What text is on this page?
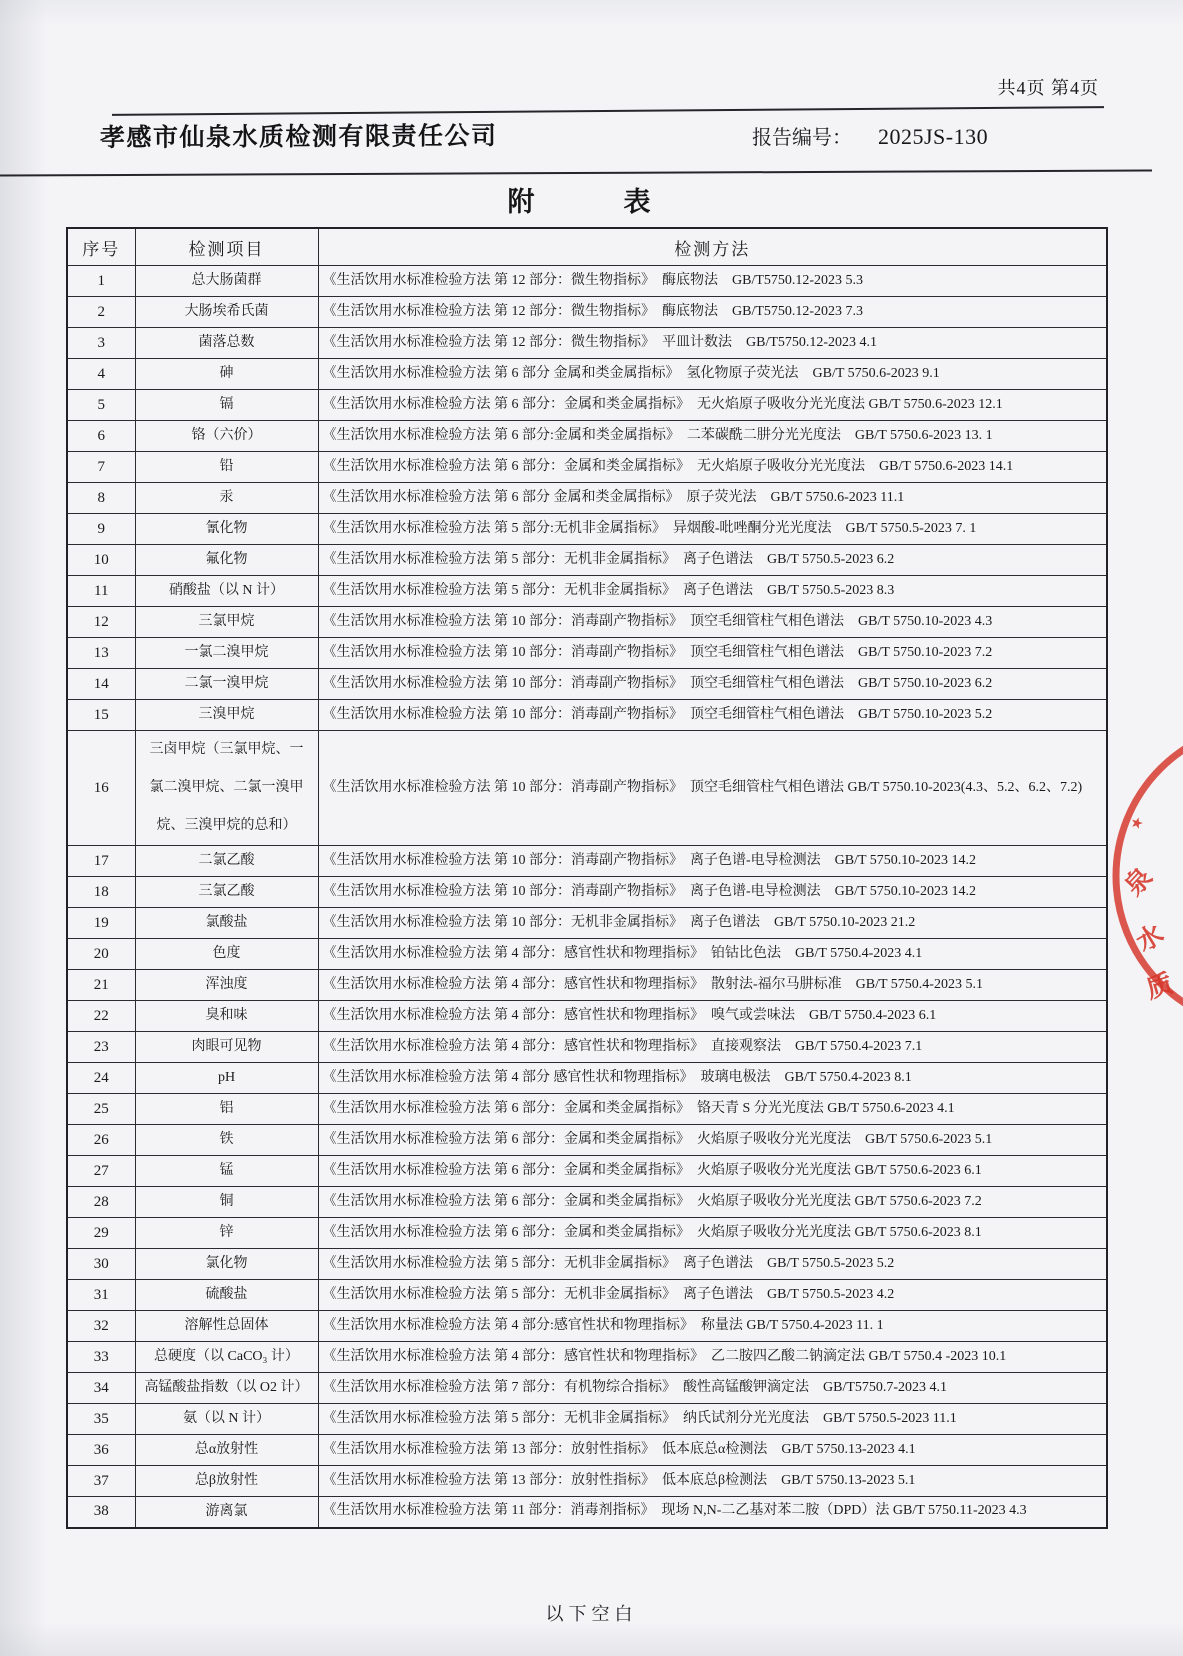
共4页 第4页
孝感市仙泉水质检测有限责任公司	报告编号： 2025JS-130
附　　　表
序号	检测项目	检测方法
1	总大肠菌群	《生活饮用水标准检验方法 第 12 部分：微生物指标》　酶底物法　GB/T5750.12-2023 5.3
2	大肠埃希氏菌	《生活饮用水标准检验方法 第 12 部分：微生物指标》　酶底物法　GB/T5750.12-2023 7.3
3	菌落总数	《生活饮用水标准检验方法 第 12 部分：微生物指标》　平皿计数法　GB/T5750.12-2023 4.1
4	砷	《生活饮用水标准检验方法 第 6 部分 金属和类金属指标》　氢化物原子荧光法　GB/T 5750.6-2023 9.1
5	镉	《生活饮用水标准检验方法 第 6 部分：金属和类金属指标》　无火焰原子吸收分光光度法 GB/T 5750.6-2023 12.1
6	铬（六价）	《生活饮用水标准检验方法 第 6 部分:金属和类金属指标》　二苯碳酰二肼分光光度法　GB/T 5750.6-2023 13. 1
7	铅	《生活饮用水标准检验方法 第 6 部分：金属和类金属指标》　无火焰原子吸收分光光度法　GB/T 5750.6-2023 14.1
8	汞	《生活饮用水标准检验方法 第 6 部分 金属和类金属指标》　原子荧光法　GB/T 5750.6-2023 11.1
9	氰化物	《生活饮用水标准检验方法 第 5 部分:无机非金属指标》　异烟酸-吡唑酮分光光度法　GB/T 5750.5-2023 7. 1
10	氟化物	《生活饮用水标准检验方法 第 5 部分：无机非金属指标》　离子色谱法　GB/T 5750.5-2023 6.2
11	硝酸盐（以 N 计）	《生活饮用水标准检验方法 第 5 部分：无机非金属指标》　离子色谱法　GB/T 5750.5-2023 8.3
12	三氯甲烷	《生活饮用水标准检验方法 第 10 部分：消毒副产物指标》　顶空毛细管柱气相色谱法　GB/T 5750.10-2023 4.3
13	一氯二溴甲烷	《生活饮用水标准检验方法 第 10 部分：消毒副产物指标》　顶空毛细管柱气相色谱法　GB/T 5750.10-2023 7.2
14	二氯一溴甲烷	《生活饮用水标准检验方法 第 10 部分：消毒副产物指标》　顶空毛细管柱气相色谱法　GB/T 5750.10-2023 6.2
15	三溴甲烷	《生活饮用水标准检验方法 第 10 部分：消毒副产物指标》　顶空毛细管柱气相色谱法　GB/T 5750.10-2023 5.2
16	三卤甲烷（三氯甲烷、一氯二溴甲烷、二氯一溴甲烷、三溴甲烷的总和）	《生活饮用水标准检验方法 第 10 部分：消毒副产物指标》　顶空毛细管柱气相色谱法 GB/T 5750.10-2023(4.3、5.2、6.2、7.2)
17	二氯乙酸	《生活饮用水标准检验方法 第 10 部分：消毒副产物指标》　离子色谱-电导检测法　GB/T 5750.10-2023 14.2
18	三氯乙酸	《生活饮用水标准检验方法 第 10 部分：消毒副产物指标》　离子色谱-电导检测法　GB/T 5750.10-2023 14.2
19	氯酸盐	《生活饮用水标准检验方法 第 10 部分：无机非金属指标》　离子色谱法　GB/T 5750.10-2023 21.2
20	色度	《生活饮用水标准检验方法 第 4 部分：感官性状和物理指标》　铂钴比色法　GB/T 5750.4-2023 4.1
21	浑浊度	《生活饮用水标准检验方法 第 4 部分：感官性状和物理指标》　散射法-福尔马肼标准　GB/T 5750.4-2023 5.1
22	臭和味	《生活饮用水标准检验方法 第 4 部分：感官性状和物理指标》　嗅气或尝味法　GB/T 5750.4-2023 6.1
23	肉眼可见物	《生活饮用水标准检验方法 第 4 部分：感官性状和物理指标》　直接观察法　GB/T 5750.4-2023 7.1
24	pH	《生活饮用水标准检验方法 第 4 部分 感官性状和物理指标》　玻璃电极法　GB/T 5750.4-2023 8.1
25	铝	《生活饮用水标准检验方法 第 6 部分：金属和类金属指标》　铬天青 S 分光光度法 GB/T 5750.6-2023 4.1
26	铁	《生活饮用水标准检验方法 第 6 部分：金属和类金属指标》　火焰原子吸收分光光度法　GB/T 5750.6-2023 5.1
27	锰	《生活饮用水标准检验方法 第 6 部分：金属和类金属指标》　火焰原子吸收分光光度法 GB/T 5750.6-2023 6.1
28	铜	《生活饮用水标准检验方法 第 6 部分：金属和类金属指标》　火焰原子吸收分光光度法 GB/T 5750.6-2023 7.2
29	锌	《生活饮用水标准检验方法 第 6 部分：金属和类金属指标》　火焰原子吸收分光光度法 GB/T 5750.6-2023 8.1
30	氯化物	《生活饮用水标准检验方法 第 5 部分：无机非金属指标》　离子色谱法　GB/T 5750.5-2023 5.2
31	硫酸盐	《生活饮用水标准检验方法 第 5 部分：无机非金属指标》　离子色谱法　GB/T 5750.5-2023 4.2
32	溶解性总固体	《生活饮用水标准检验方法 第 4 部分:感官性状和物理指标》　称量法 GB/T 5750.4-2023 11. 1
33	总硬度（以 CaCO₃ 计）	《生活饮用水标准检验方法 第 4 部分：感官性状和物理指标》　乙二胺四乙酸二钠滴定法 GB/T 5750.4 -2023 10.1
34	高锰酸盐指数（以 O2 计）	《生活饮用水标准检验方法 第 7 部分：有机物综合指标》　酸性高锰酸钾滴定法　GB/T5750.7-2023 4.1
35	氨（以 N 计）	《生活饮用水标准检验方法 第 5 部分：无机非金属指标》　纳氏试剂分光光度法　GB/T 5750.5-2023 11.1
36	总α放射性	《生活饮用水标准检验方法 第 13 部分：放射性指标》　低本底总α检测法　GB/T 5750.13-2023 4.1
37	总β放射性	《生活饮用水标准检验方法 第 13 部分：放射性指标》　低本底总β检测法　GB/T 5750.13-2023 5.1
38	游离氯	《生活饮用水标准检验方法 第 11 部分：消毒剂指标》　现场 N,N-二乙基对苯二胺（DPD）法 GB/T 5750.11-2023 4.3
以下空白
★
泉
水
质
